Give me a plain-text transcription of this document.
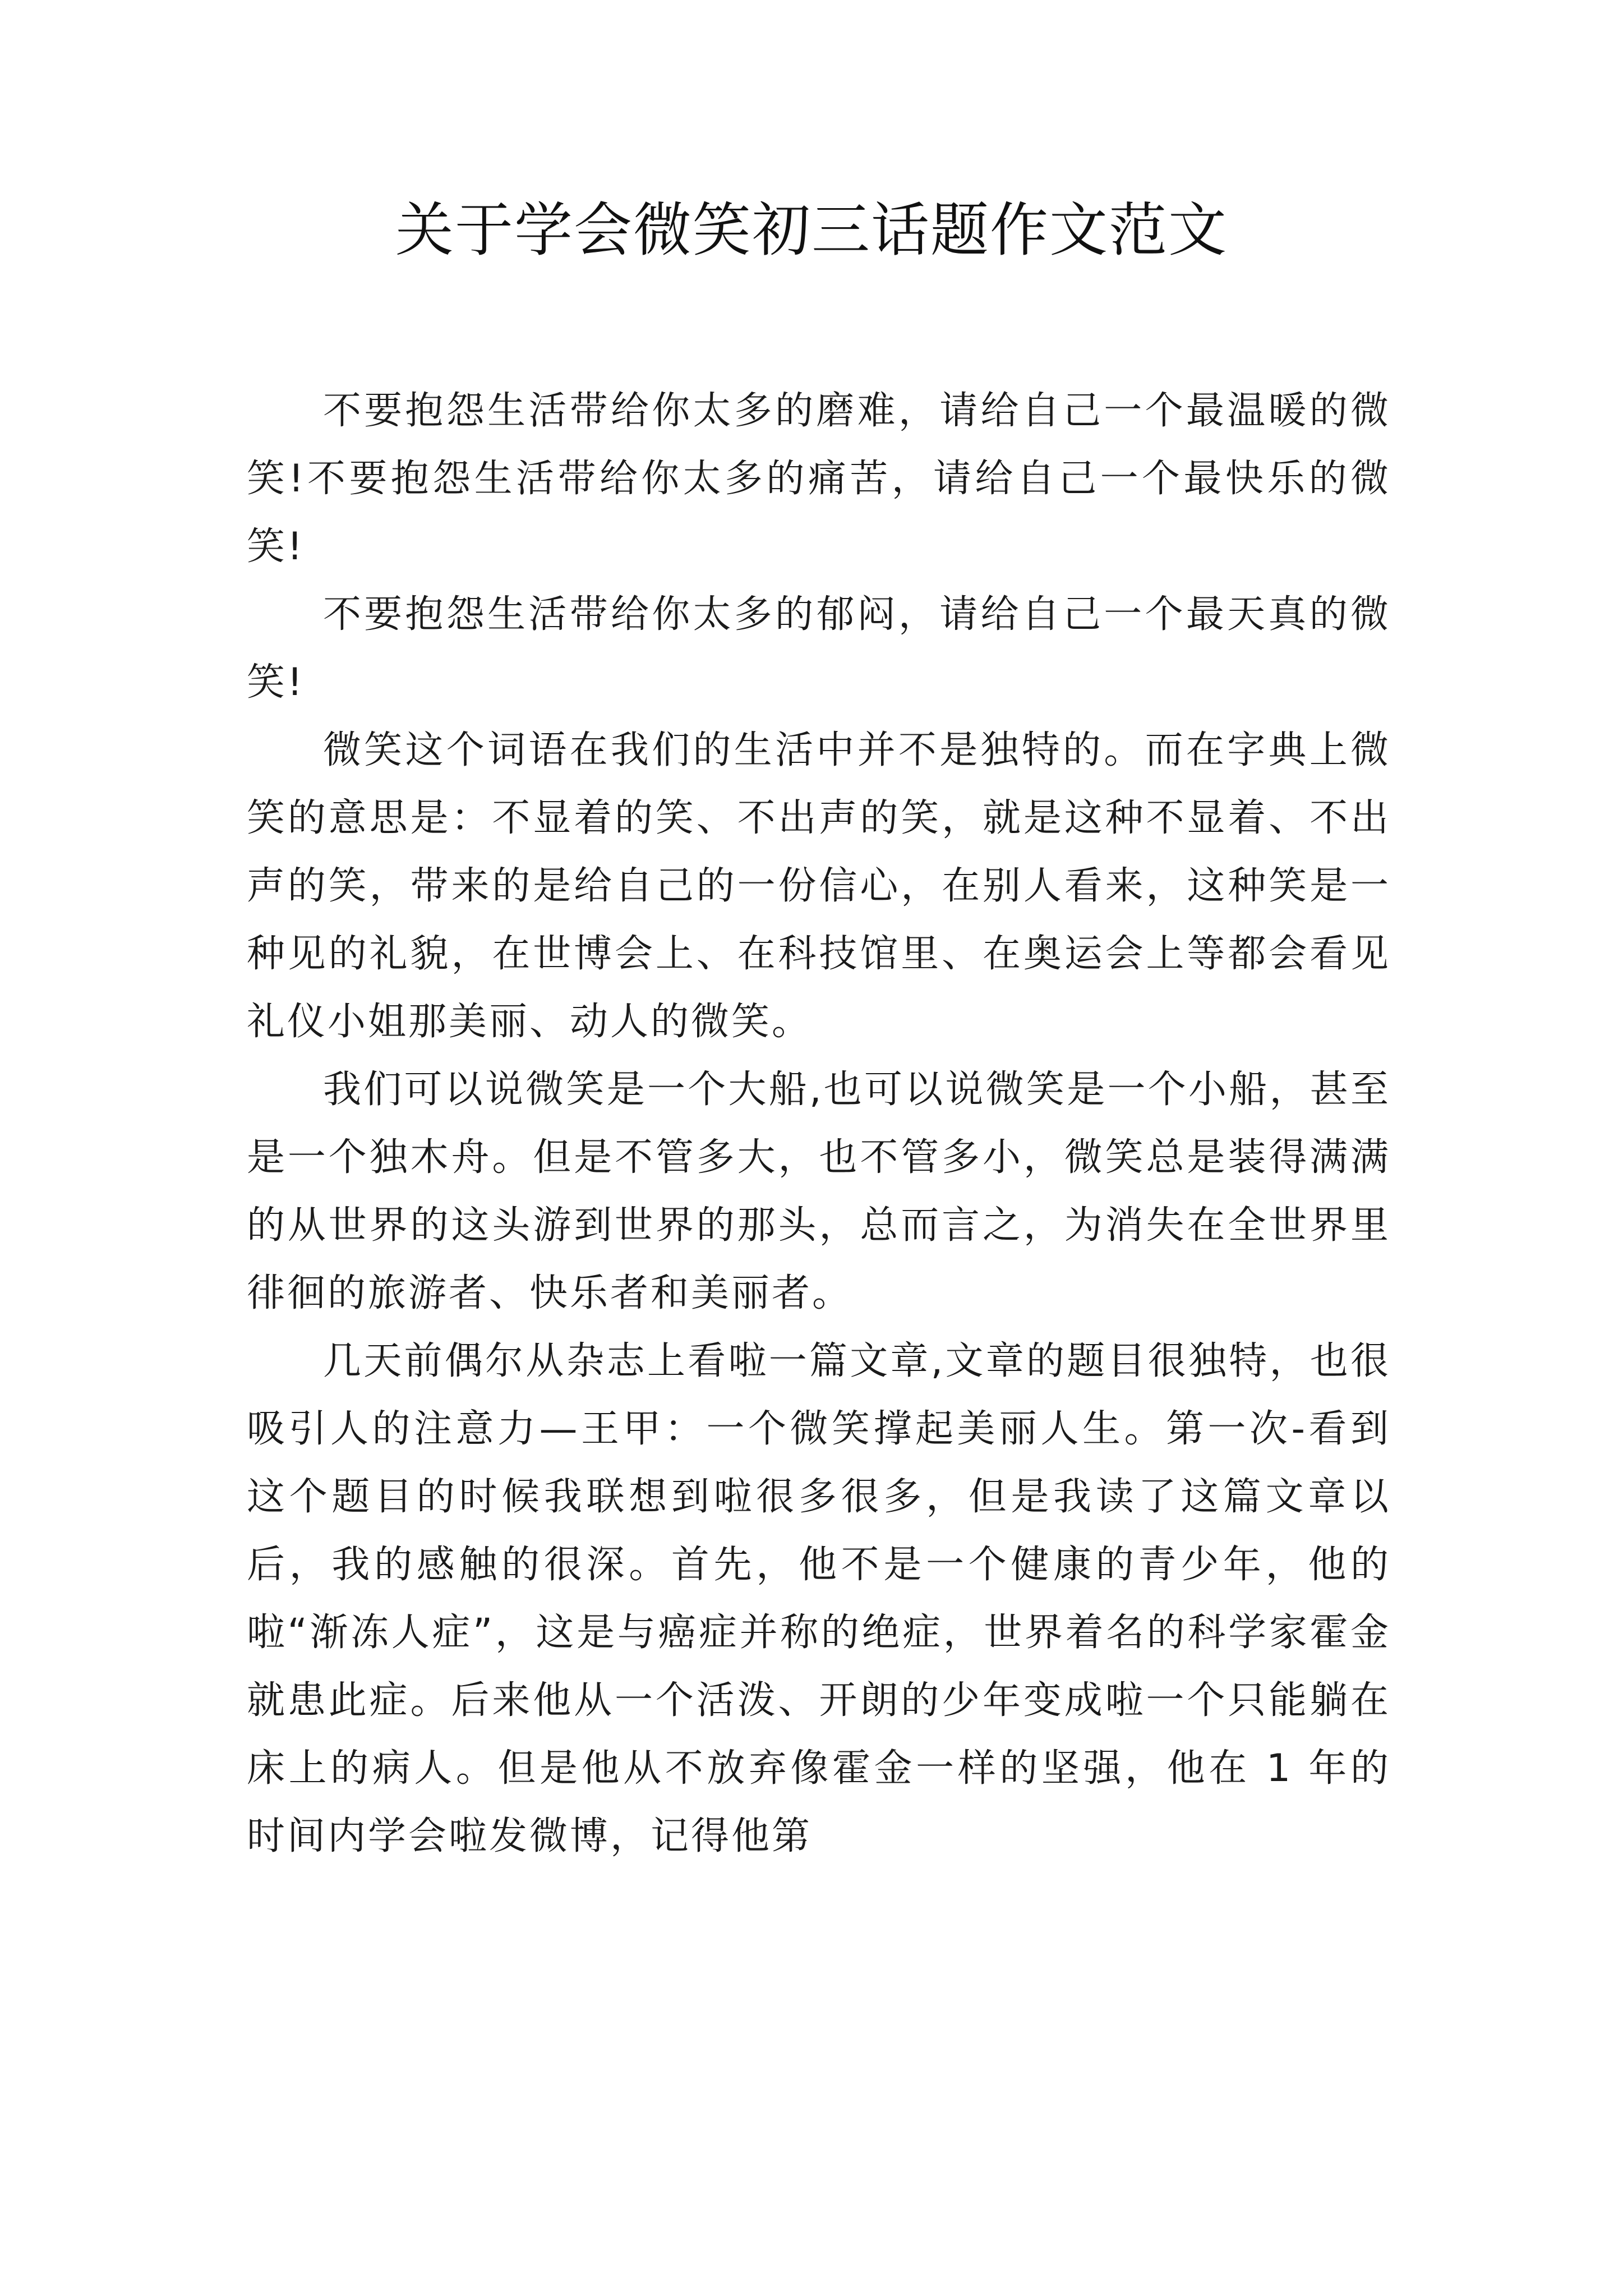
关于学会微笑初三话题作文范文

不要抱怨生活带给你太多的磨难，请给自己一个最温暖的微笑!不要抱怨生活带给你太多的痛苦，请给自己一个最快乐的微笑!

不要抱怨生活带给你太多的郁闷，请给自己一个最天真的微笑!

微笑这个词语在我们的生活中并不是独特的。而在字典上微笑的意思是：不显着的笑、不出声的笑，就是这种不显着、不出声的笑，带来的是给自己的一份信心，在别人看来，这种笑是一种见的礼貌，在世博会上、在科技馆里、在奥运会上等都会看见礼仪小姐那美丽、动人的微笑。

我们可以说微笑是一个大船,也可以说微笑是一个小船，甚至是一个独木舟。但是不管多大，也不管多小，微笑总是装得满满的从世界的这头游到世界的那头，总而言之，为消失在全世界里徘徊的旅游者、快乐者和美丽者。

几天前偶尔从杂志上看啦一篇文章,文章的题目很独特，也很吸引人的注意力—王甲：一个微笑撑起美丽人生。第一次-看到这个题目的时候我联想到啦很多很多，但是我读了这篇文章以后，我的感触的很深。首先，他不是一个健康的青少年，他的啦“渐冻人症”，这是与癌症并称的绝症，世界着名的科学家霍金就患此症。后来他从一个活泼、开朗的少年变成啦一个只能躺在床上的病人。但是他从不放弃像霍金一样的坚强，他在 1 年的时间内学会啦发微博，记得他第
